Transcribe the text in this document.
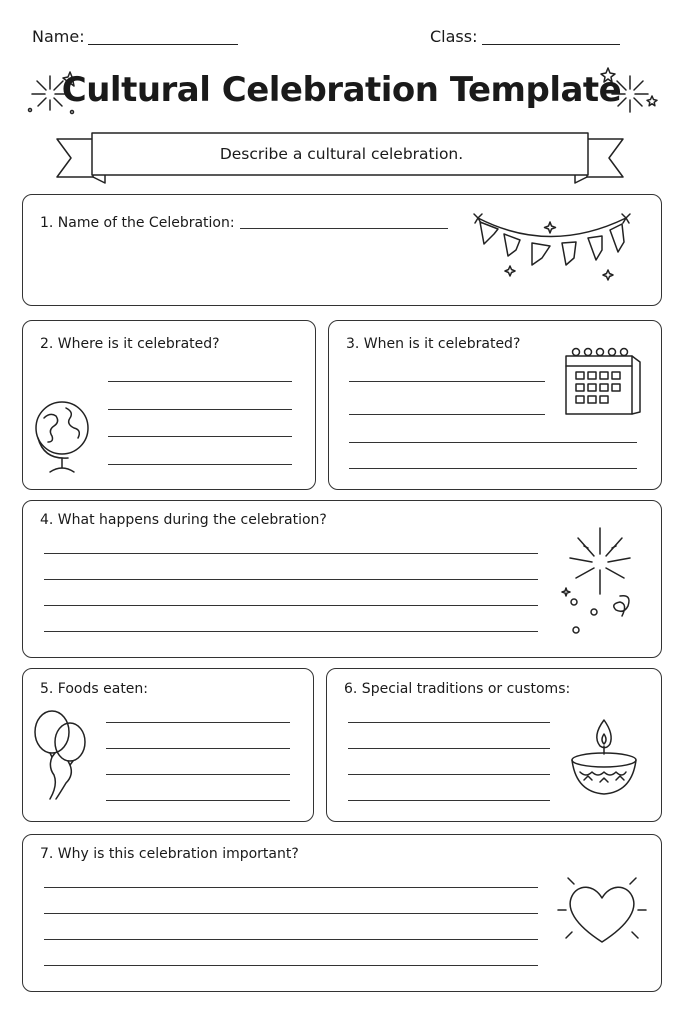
Name:	Class:
Cultural Celebration Template
Describe a cultural celebration.
1. Name of the Celebration:
2. Where is it celebrated?	3. When is it celebrated?
4. What happens during the celebration?
5. Foods eaten:	6. Special traditions or customs:
7. Why is this celebration important?
